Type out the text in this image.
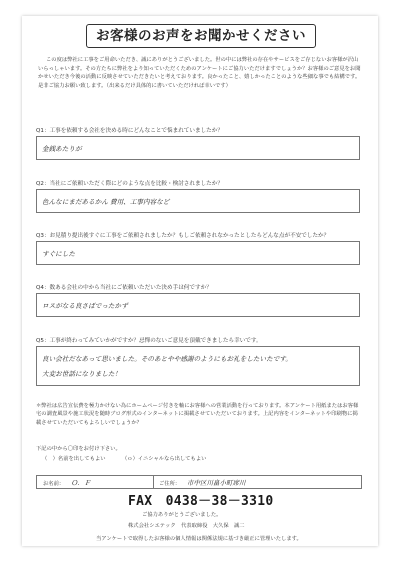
お客様のお声をお聞かせください
この度は弊社に工事をご用命いただき、誠にありがとうございました。世の中には弊社の存在やサービスをご存じないお客様が沢山いらっしゃいます。その方たちに弊社をより知っていただくためのアンケートにご協力いただけますでしょうか？お客様のご意見をお聞かせいただき今後の活動に反映させていただきたいと考えております。良かったこと、嬉しかったことのような些細な事でも結構です。是非ご協力お願い致します。（出来るだけ具体的に書いていただければ幸いです）
Q1：工事を依頼する会社を決める時にどんなことで悩まれていましたか？
金銭あたりが
Q2：当社にご依頼いただく際にどのような点を比較・検討されましたか？
色んなにまだあるかん 費用、工事内容など
Q3：お見積り提出後すぐに工事をご依頼されましたか？もしご依頼されなかったとしたらどんな点が不安でしたか？
すぐにした
Q4：数ある会社の中から当社にご依頼いただいた決め手は何ですか？
ロスがなる良さばでったかず
Q5：工事が終わってみていかがですか？忌憚のないご意見を頂戴できましたら幸いです。
良い会社だなあって思いました。そのあとやや感謝のようにもお礼をしたいたです。
大変お世話になりました！
＊弊社は広告宣伝費を極力かけない為にホームページ付きを軸にお客様への営業活動を行っております。本アンケート用紙またはお客様宅の調査風景や施工状況を随時ブログ形式のインターネットに掲載させていただいております。上記内容をインターネットや印刷物に掲載させていただいてもよろしいでしょうか？
下記の中から〇印をお付け下さい。
（　）名前を出してもよい	（ｏ）イニシャルなら出してもよい
お名前： Ｏ．Ｆ	ご住所： 市中区川畠小町席川
FAX　0438－38－3310
ご協力ありがとうございました。
株式会社シエテック　代表取締役　大久保　誠二
当アンケートで取得したお客様の個人情報は関係法規に基づき厳正に管理いたします。
